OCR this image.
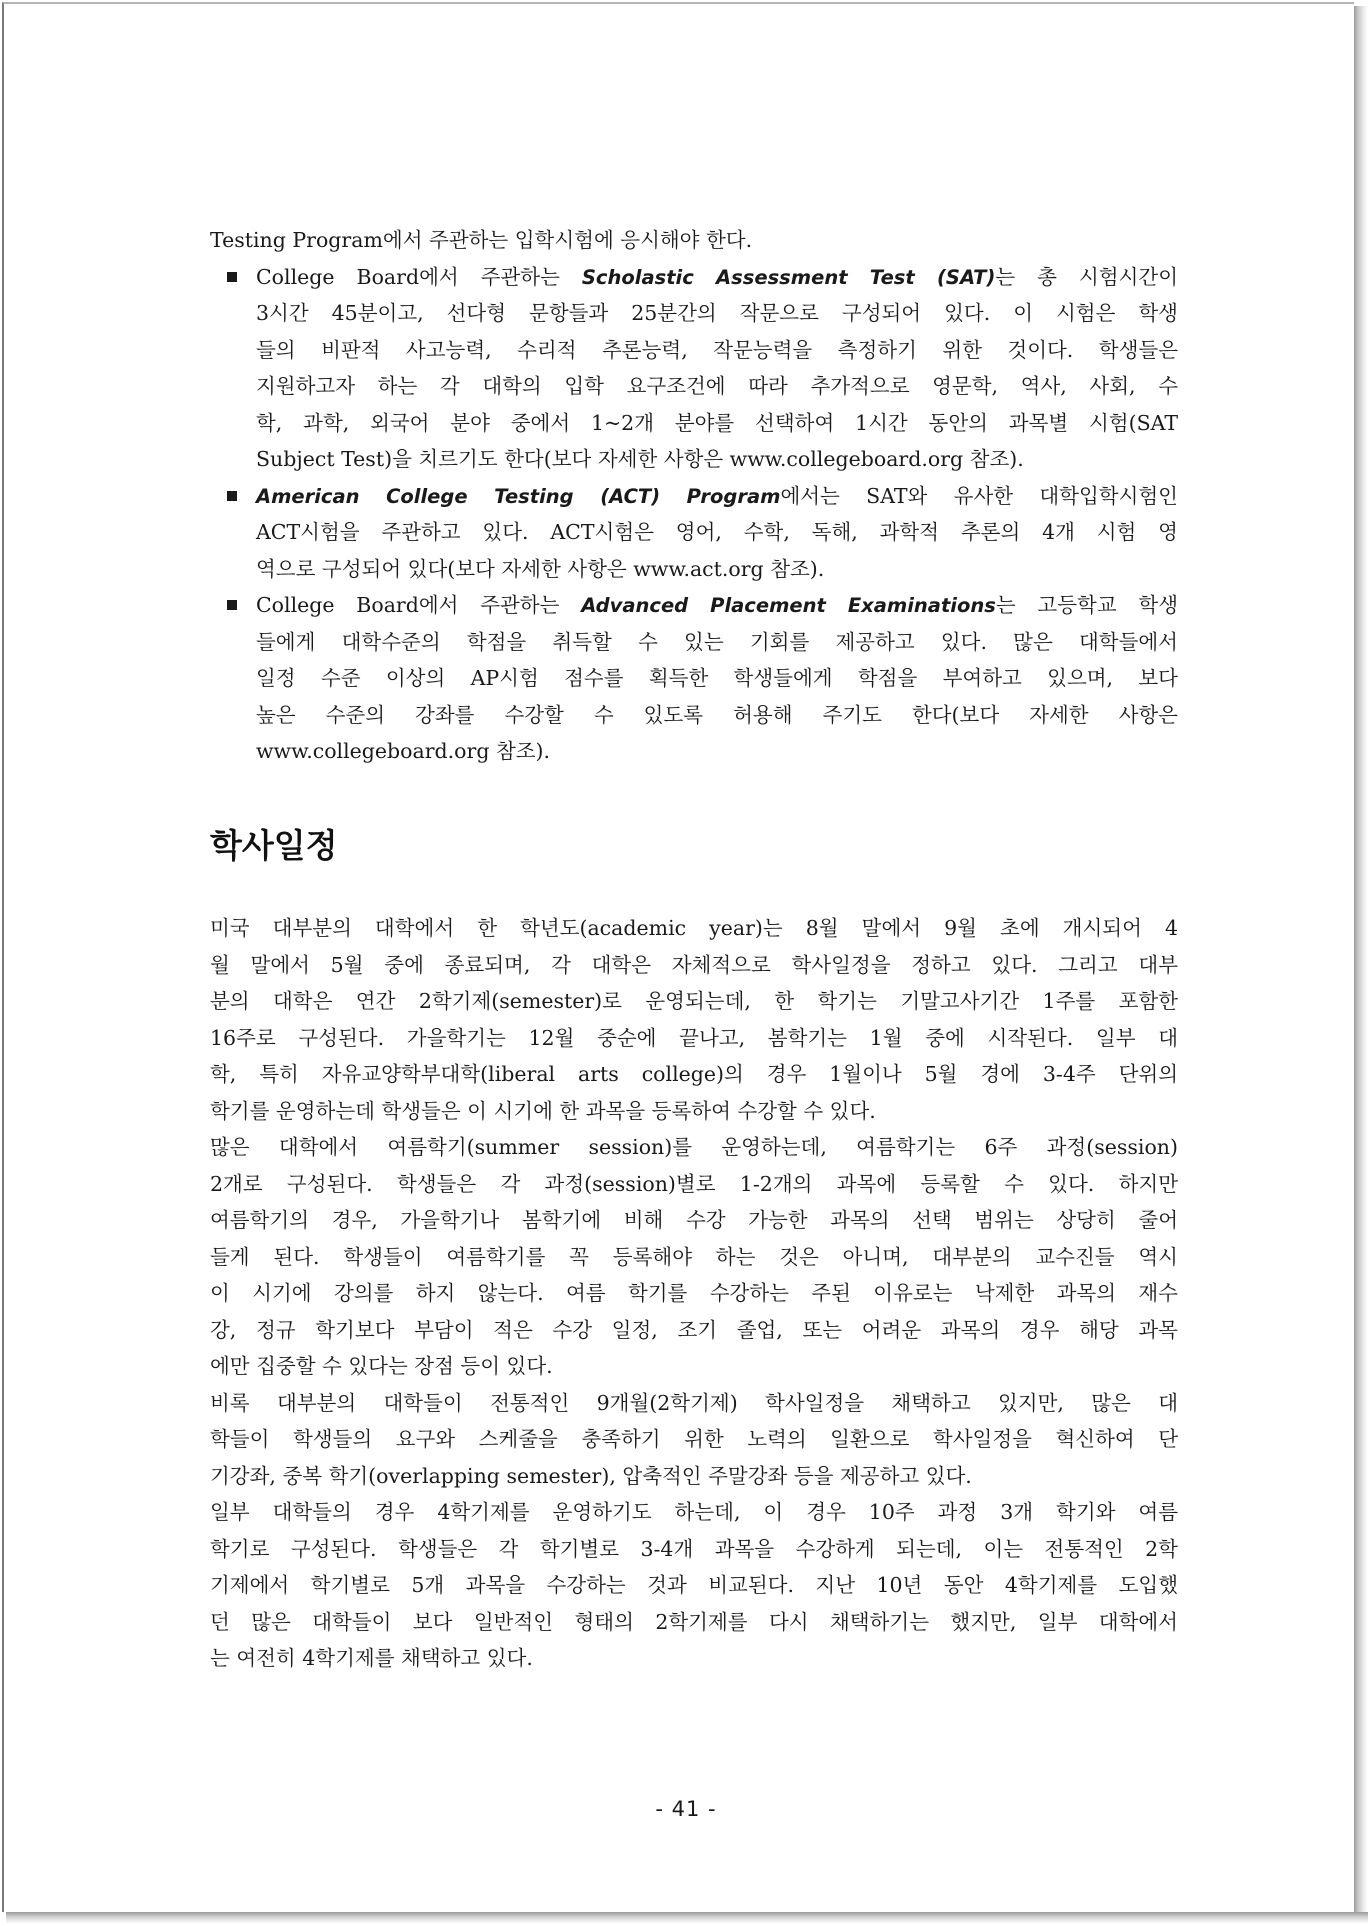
Testing Program에서 주관하는 입학시험에 응시해야 한다.
College Board에서 주관하는 Scholastic Assessment Test (SAT)는 총 시험시간이
3시간 45분이고, 선다형 문항들과 25분간의 작문으로 구성되어 있다. 이 시험은 학생
들의 비판적 사고능력, 수리적 추론능력, 작문능력을 측정하기 위한 것이다. 학생들은
지원하고자 하는 각 대학의 입학 요구조건에 따라 추가적으로 영문학, 역사, 사회, 수
학, 과학, 외국어 분야 중에서 1~2개 분야를 선택하여 1시간 동안의 과목별 시험(SAT
Subject Test)을 치르기도 한다(보다 자세한 사항은 www.collegeboard.org 참조).
American College Testing (ACT) Program에서는 SAT와 유사한 대학입학시험인
ACT시험을 주관하고 있다. ACT시험은 영어, 수학, 독해, 과학적 추론의 4개 시험 영
역으로 구성되어 있다(보다 자세한 사항은 www.act.org 참조).
College Board에서 주관하는 Advanced Placement Examinations는 고등학교 학생
들에게 대학수준의 학점을 취득할 수 있는 기회를 제공하고 있다. 많은 대학들에서
일정 수준 이상의 AP시험 점수를 획득한 학생들에게 학점을 부여하고 있으며, 보다
높은 수준의 강좌를 수강할 수 있도록 허용해 주기도 한다(보다 자세한 사항은
www.collegeboard.org 참조).
학사일정
미국 대부분의 대학에서 한 학년도(academic year)는 8월 말에서 9월 초에 개시되어 4
월 말에서 5월 중에 종료되며, 각 대학은 자체적으로 학사일정을 정하고 있다. 그리고 대부
분의 대학은 연간 2학기제(semester)로 운영되는데, 한 학기는 기말고사기간 1주를 포함한
16주로 구성된다. 가을학기는 12월 중순에 끝나고, 봄학기는 1월 중에 시작된다. 일부 대
학, 특히 자유교양학부대학(liberal arts college)의 경우 1월이나 5월 경에 3-4주 단위의
학기를 운영하는데 학생들은 이 시기에 한 과목을 등록하여 수강할 수 있다.
많은 대학에서 여름학기(summer session)를 운영하는데, 여름학기는 6주 과정(session)
2개로 구성된다. 학생들은 각 과정(session)별로 1-2개의 과목에 등록할 수 있다. 하지만
여름학기의 경우, 가을학기나 봄학기에 비해 수강 가능한 과목의 선택 범위는 상당히 줄어
들게 된다. 학생들이 여름학기를 꼭 등록해야 하는 것은 아니며, 대부분의 교수진들 역시
이 시기에 강의를 하지 않는다. 여름 학기를 수강하는 주된 이유로는 낙제한 과목의 재수
강, 정규 학기보다 부담이 적은 수강 일정, 조기 졸업, 또는 어려운 과목의 경우 해당 과목
에만 집중할 수 있다는 장점 등이 있다.
비록 대부분의 대학들이 전통적인 9개월(2학기제) 학사일정을 채택하고 있지만, 많은 대
학들이 학생들의 요구와 스케줄을 충족하기 위한 노력의 일환으로 학사일정을 혁신하여 단
기강좌, 중복 학기(overlapping semester), 압축적인 주말강좌 등을 제공하고 있다.
일부 대학들의 경우 4학기제를 운영하기도 하는데, 이 경우 10주 과정 3개 학기와 여름
학기로 구성된다. 학생들은 각 학기별로 3-4개 과목을 수강하게 되는데, 이는 전통적인 2학
기제에서 학기별로 5개 과목을 수강하는 것과 비교된다. 지난 10년 동안 4학기제를 도입했
던 많은 대학들이 보다 일반적인 형태의 2학기제를 다시 채택하기는 했지만, 일부 대학에서
는 여전히 4학기제를 채택하고 있다.
- 41 -
